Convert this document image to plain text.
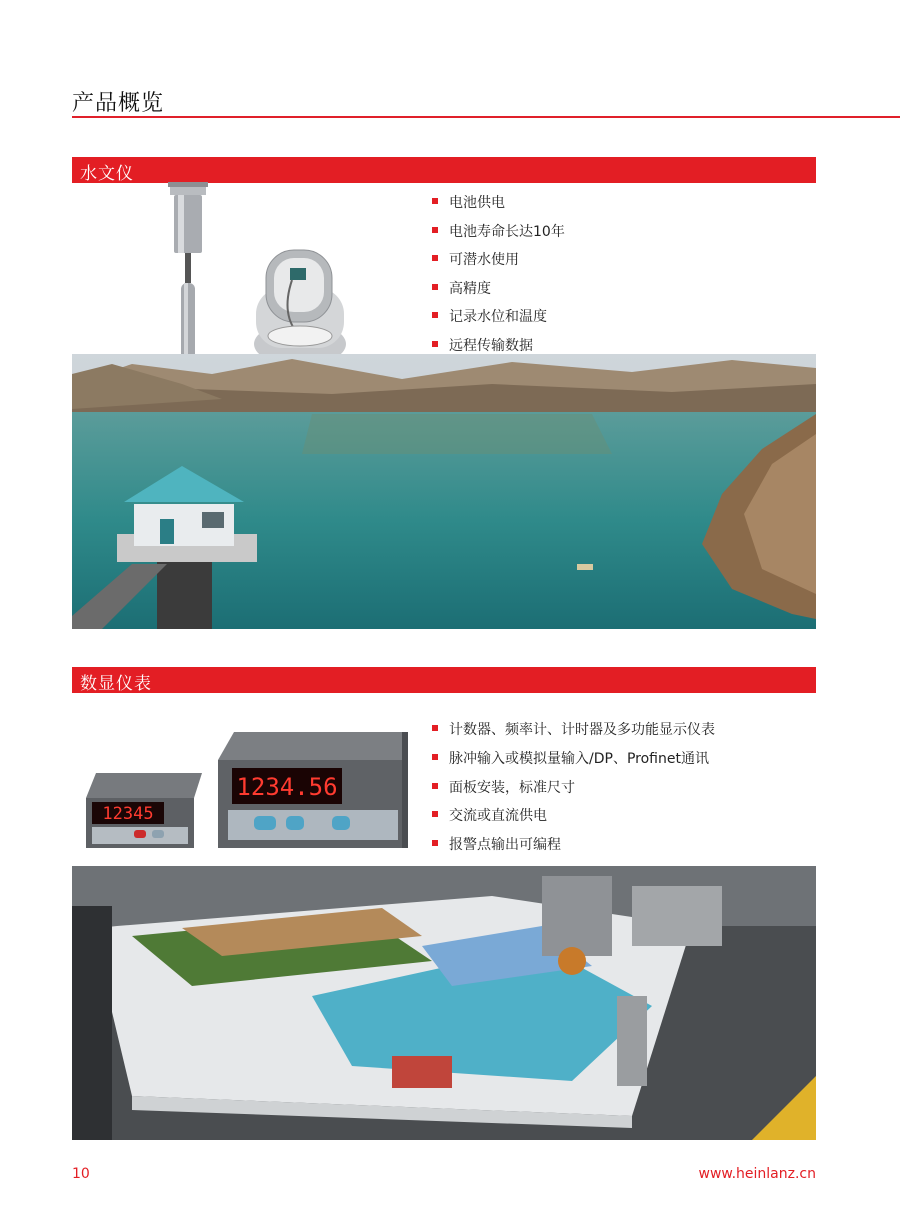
产品概览
水文仪
电池供电
电池寿命长达10年
可潜水使用
高精度
记录水位和温度
远程传输数据
数显仪表
12345
1234.56
计数器、频率计、计时器及多功能显示仪表
脉冲输入或模拟量输入/DP、Profinet通讯
面板安装，标准尺寸
交流或直流供电
报警点输出可编程
10	www.heinlanz.cn
